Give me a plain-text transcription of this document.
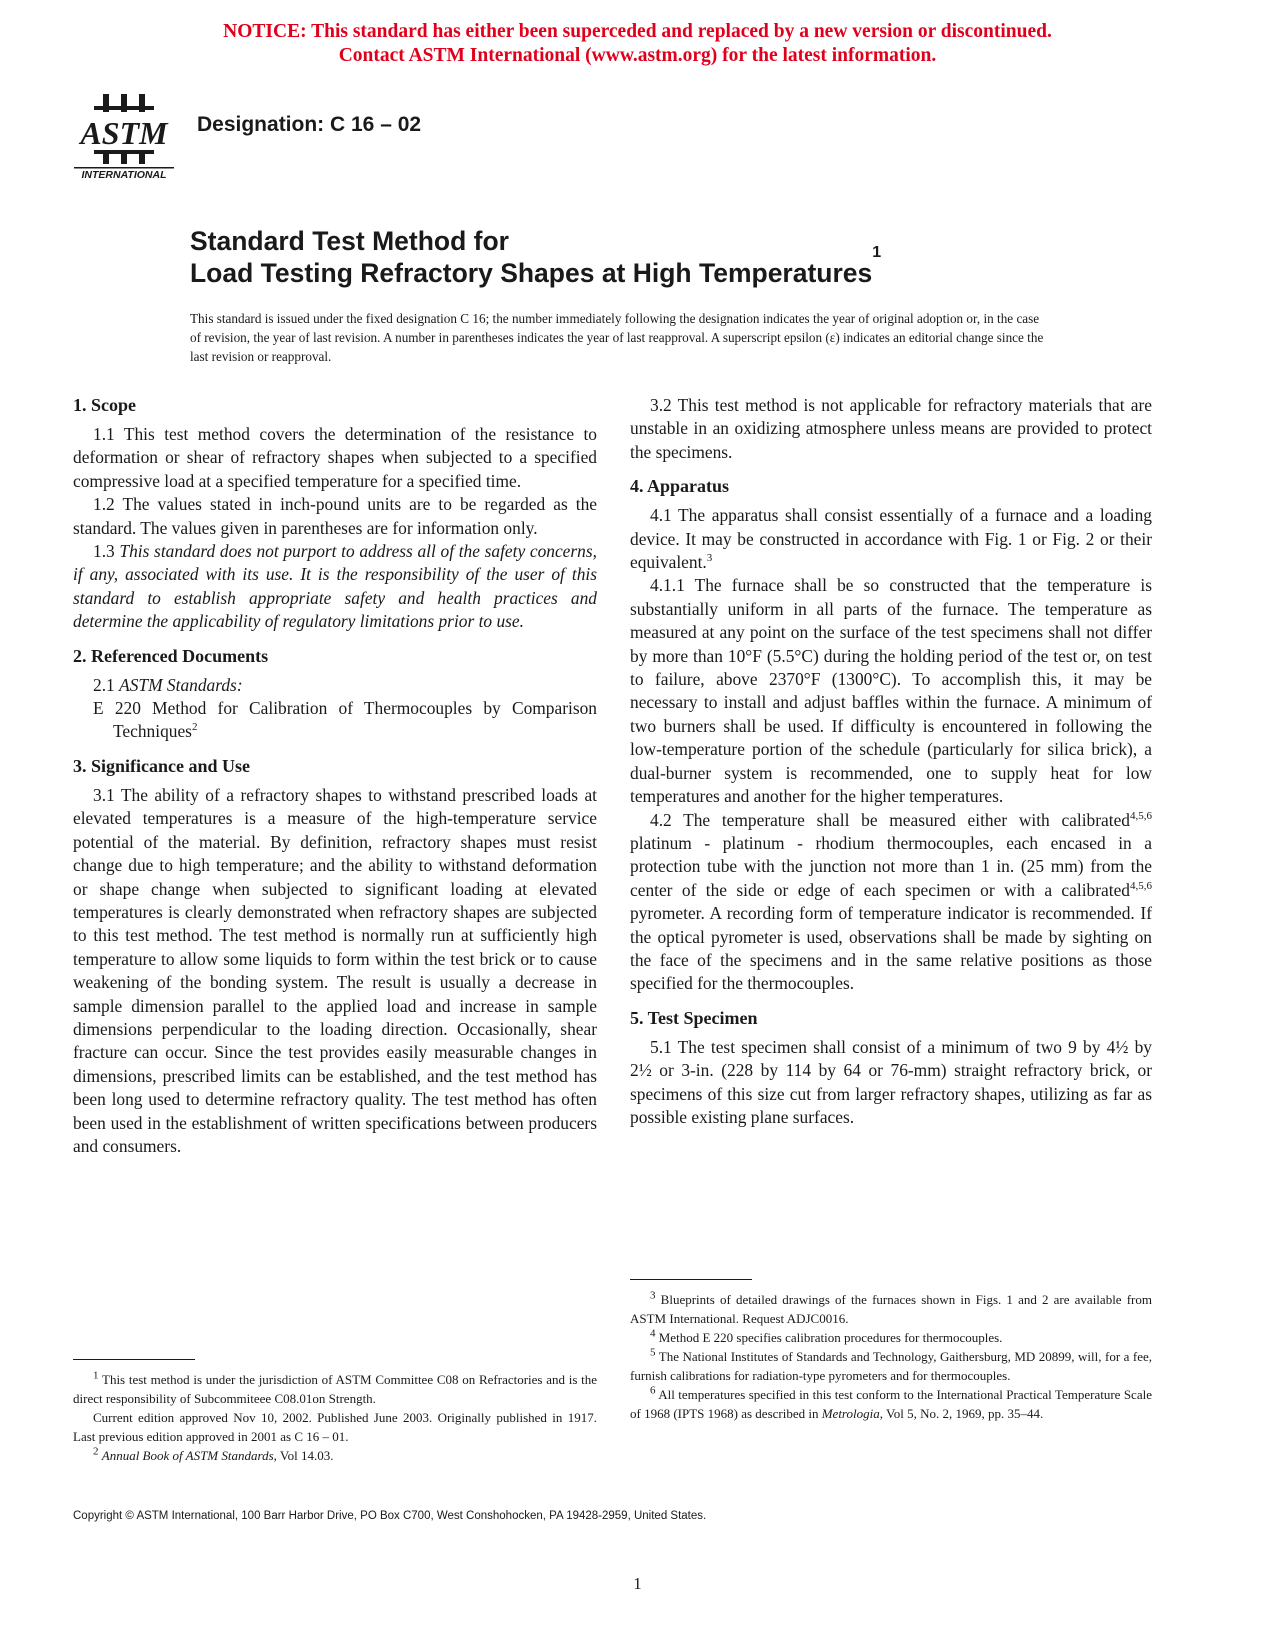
NOTICE: This standard has either been superceded and replaced by a new version or discontinued.
Contact ASTM International (www.astm.org) for the latest information.
ASTM
INTERNATIONAL
Designation: C 16 – 02
Standard Test Method for
Load Testing Refractory Shapes at High Temperatures$^1$
This standard is issued under the fixed designation C 16; the number immediately following the designation indicates the year of original adoption or, in the case of revision, the year of last revision. A number in parentheses indicates the year of last reapproval. A superscript epsilon (ε) indicates an editorial change since the last revision or reapproval.
1. Scope

1.1 This test method covers the determination of the resistance to deformation or shear of refractory shapes when subjected to a specified compressive load at a specified temperature for a specified time.

1.2 The values stated in inch-pound units are to be regarded as the standard. The values given in parentheses are for information only.

1.3 This standard does not purport to address all of the safety concerns, if any, associated with its use. It is the responsibility of the user of this standard to establish appropriate safety and health practices and determine the applicability of regulatory limitations prior to use.

2. Referenced Documents

2.1 ASTM Standards:

E 220 Method for Calibration of Thermocouples by Comparison Techniques$^2$

3. Significance and Use

3.1 The ability of a refractory shapes to withstand prescribed loads at elevated temperatures is a measure of the high-temperature service potential of the material. By definition, refractory shapes must resist change due to high temperature; and the ability to withstand deformation or shape change when subjected to significant loading at elevated temperatures is clearly demonstrated when refractory shapes are subjected to this test method. The test method is normally run at sufficiently high temperature to allow some liquids to form within the test brick or to cause weakening of the bonding system. The result is usually a decrease in sample dimension parallel to the applied load and increase in sample dimensions perpendicular to the loading direction. Occasionally, shear fracture can occur. Since the test provides easily measurable changes in dimensions, prescribed limits can be established, and the test method has been long used to determine refractory quality. The test method has often been used in the establishment of written specifications between producers and consumers.

3.2 This test method is not applicable for refractory materials that are unstable in an oxidizing atmosphere unless means are provided to protect the specimens.

4. Apparatus

4.1 The apparatus shall consist essentially of a furnace and a loading device. It may be constructed in accordance with Fig. 1 or Fig. 2 or their equivalent.$^3$

4.1.1 The furnace shall be so constructed that the temperature is substantially uniform in all parts of the furnace. The temperature as measured at any point on the surface of the test specimens shall not differ by more than 10°F (5.5°C) during the holding period of the test or, on test to failure, above 2370°F (1300°C). To accomplish this, it may be necessary to install and adjust baffles within the furnace. A minimum of two burners shall be used. If difficulty is encountered in following the low-temperature portion of the schedule (particularly for silica brick), a dual-burner system is recommended, one to supply heat for low temperatures and another for the higher temperatures.

4.2 The temperature shall be measured either with calibrated$^{4,5,6}$ platinum - platinum - rhodium thermocouples, each encased in a protection tube with the junction not more than 1 in. (25 mm) from the center of the side or edge of each specimen or with a calibrated$^{4,5,6}$ pyrometer. A recording form of temperature indicator is recommended. If the optical pyrometer is used, observations shall be made by sighting on the face of the specimens and in the same relative positions as those specified for the thermocouples.

5. Test Specimen

5.1 The test specimen shall consist of a minimum of two 9 by 4½ by 2½ or 3-in. (228 by 114 by 64 or 76-mm) straight refractory brick, or specimens of this size cut from larger refractory shapes, utilizing as far as possible existing plane surfaces.

$^1$ This test method is under the jurisdiction of ASTM Committee C08 on Refractories and is the direct responsibility of Subcommiteee C08.01on Strength.

Current edition approved Nov 10, 2002. Published June 2003. Originally published in 1917. Last previous edition approved in 2001 as C 16 – 01.

$^2$ Annual Book of ASTM Standards, Vol 14.03.

$^3$ Blueprints of detailed drawings of the furnaces shown in Figs. 1 and 2 are available from ASTM International. Request ADJC0016.

$^4$ Method E 220 specifies calibration procedures for thermocouples.

$^5$ The National Institutes of Standards and Technology, Gaithersburg, MD 20899, will, for a fee, furnish calibrations for radiation-type pyrometers and for thermocouples.

$^6$ All temperatures specified in this test conform to the International Practical Temperature Scale of 1968 (IPTS 1968) as described in Metrologia, Vol 5, No. 2, 1969, pp. 35–44.

Copyright © ASTM International, 100 Barr Harbor Drive, PO Box C700, West Conshohocken, PA 19428-2959, United States.
1
